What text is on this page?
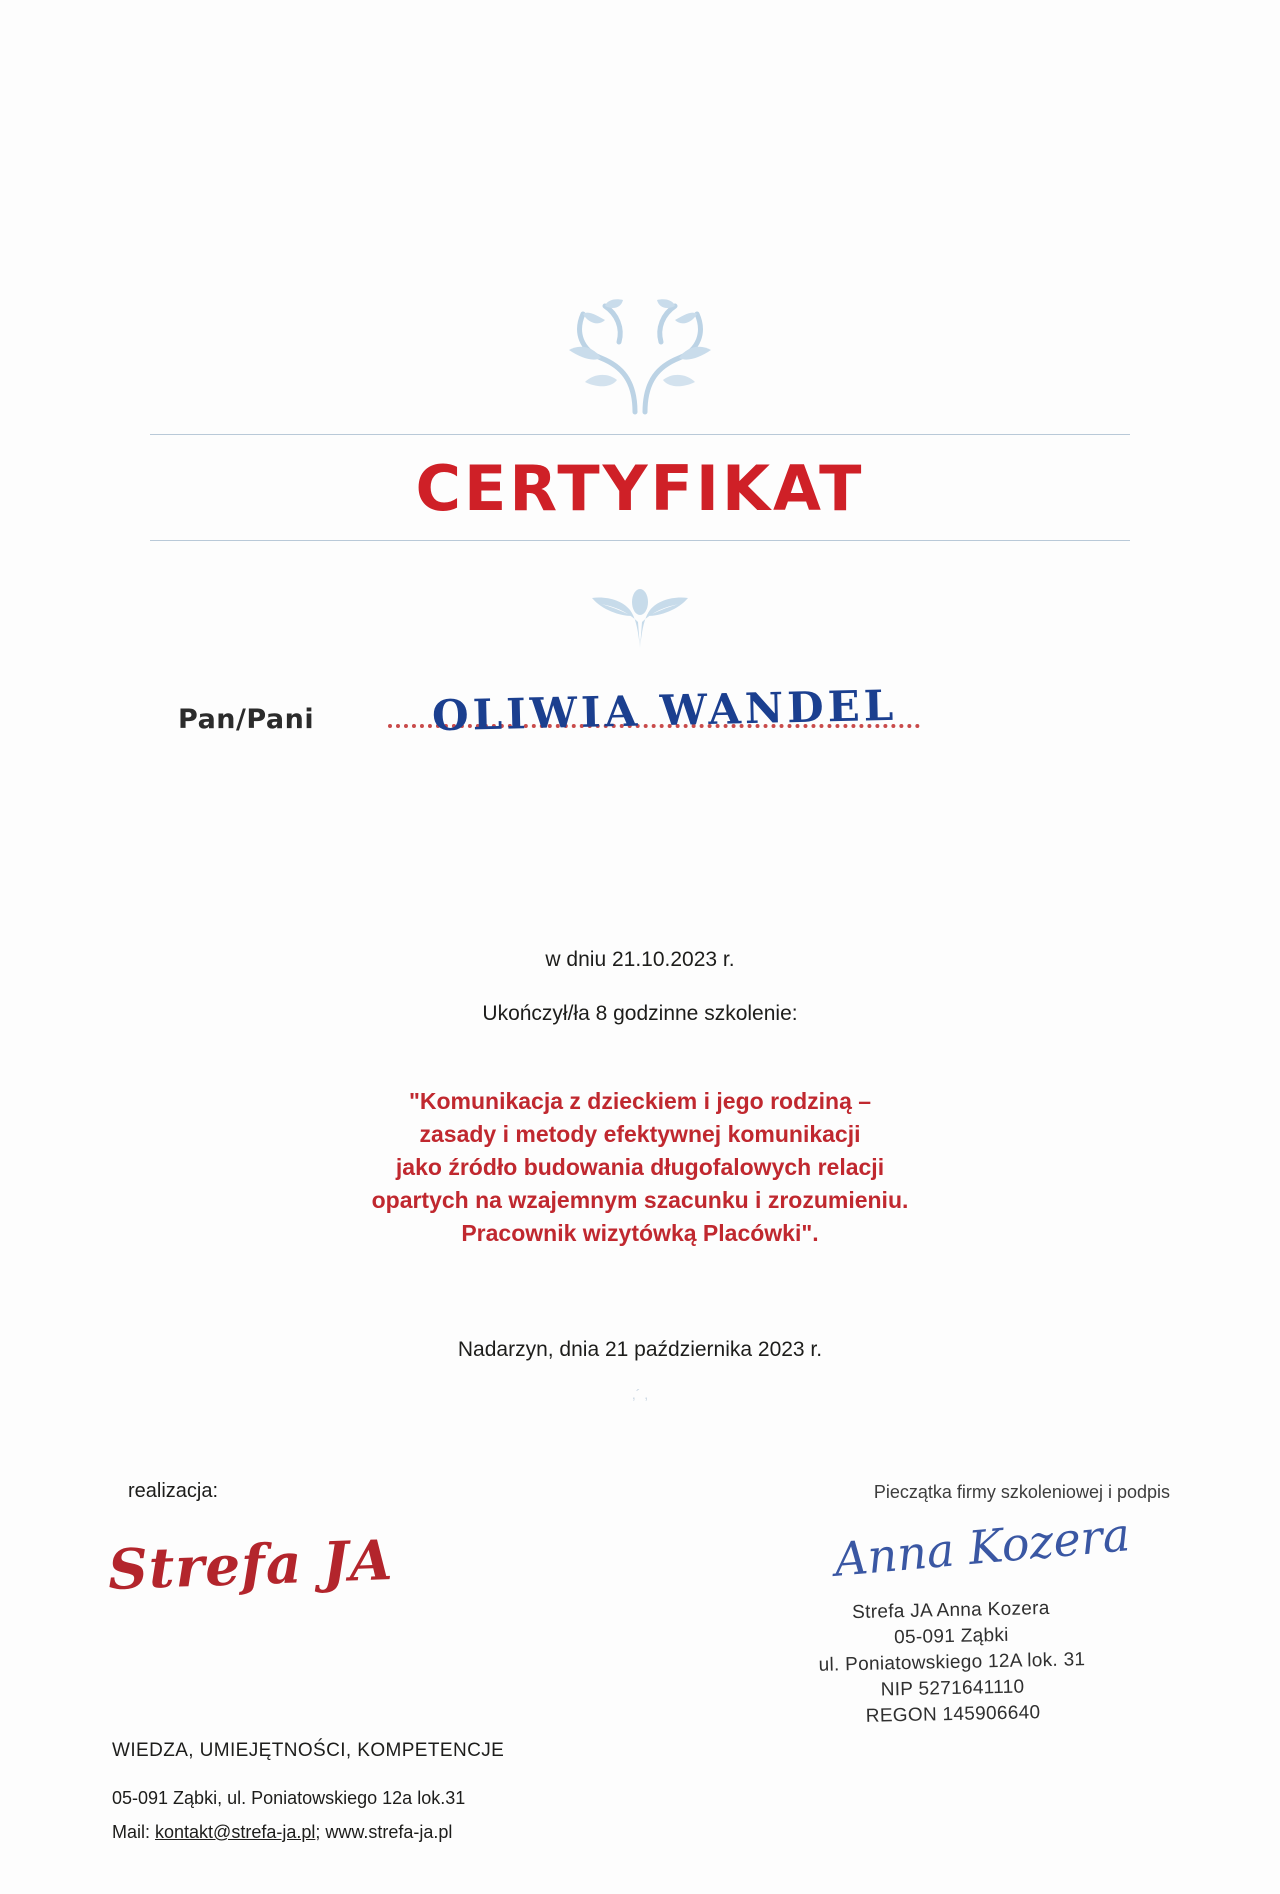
CERTYFIKAT
Pan/Pani	OLIWIA WANDEL
w dniu 21.10.2023 r.
Ukończył/ła 8 godzinne szkolenie:
"Komunikacja z dzieckiem i jego rodziną –
zasady i metody efektywnej komunikacji
jako źródło budowania długofalowych relacji
opartych na wzajemnym szacunku i zrozumieniu.
Pracownik wizytówką Placówki".
Nadarzyn, dnia 21 października 2023 r.
,´ ,
realizacja:
Strefa JA
WIEDZA, UMIEJĘTNOŚCI, KOMPETENCJE
05-091 Ząbki, ul. Poniatowskiego 12a lok.31
Mail: kontakt@strefa-ja.pl; www.strefa-ja.pl
Pieczątka firmy szkoleniowej i podpis
Anna Kozera
Strefa JA Anna Kozera
05-091 Ząbki
ul. Poniatowskiego 12A lok. 31
NIP 5271641110
REGON 145906640
